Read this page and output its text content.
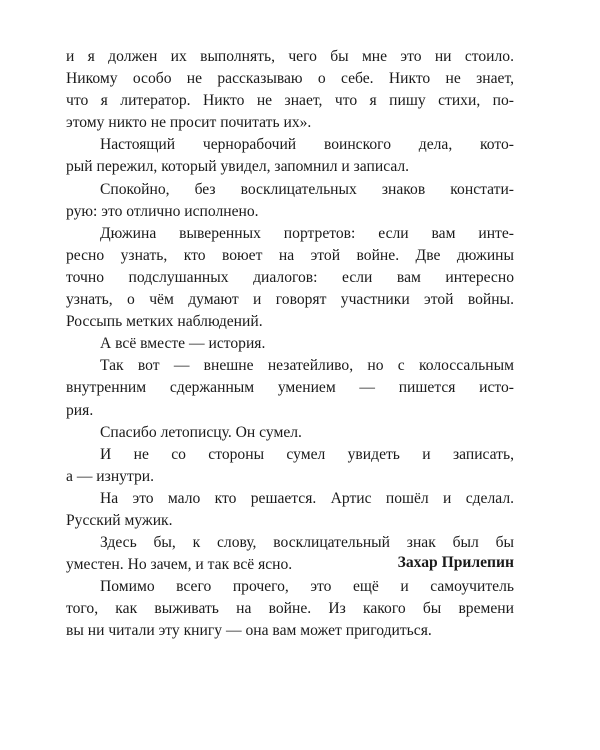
и я должен их выполнять, чего бы мне это ни стоило.
Никому особо не рассказываю о себе. Никто не знает,
что я литератор. Никто не знает, что я пишу стихи, по-
этому никто не просит почитать их».
Настоящий чернорабочий воинского дела, кото-
рый пережил, который увидел, запомнил и записал.
Спокойно, без восклицательных знаков констати-
рую: это отлично исполнено.
Дюжина выверенных портретов: если вам инте-
ресно узнать, кто воюет на этой войне. Две дюжины
точно подслушанных диалогов: если вам интересно
узнать, о чём думают и говорят участники этой войны.
Россыпь метких наблюдений.
А всё вместе — история.
Так вот — внешне незатейливо, но с колоссальным
внутренним сдержанным умением — пишется исто-
рия.
Спасибо летописцу. Он сумел.
И не со стороны сумел увидеть и записать,
а — изнутри.
На это мало кто решается. Артис пошёл и сделал.
Русский мужик.
Здесь бы, к слову, восклицательный знак был бы
уместен. Но зачем, и так всё ясно.
Помимо всего прочего, это ещё и самоучитель
того, как выживать на войне. Из какого бы времени
вы ни читали эту книгу — она вам может пригодиться.
Захар Прилепин
